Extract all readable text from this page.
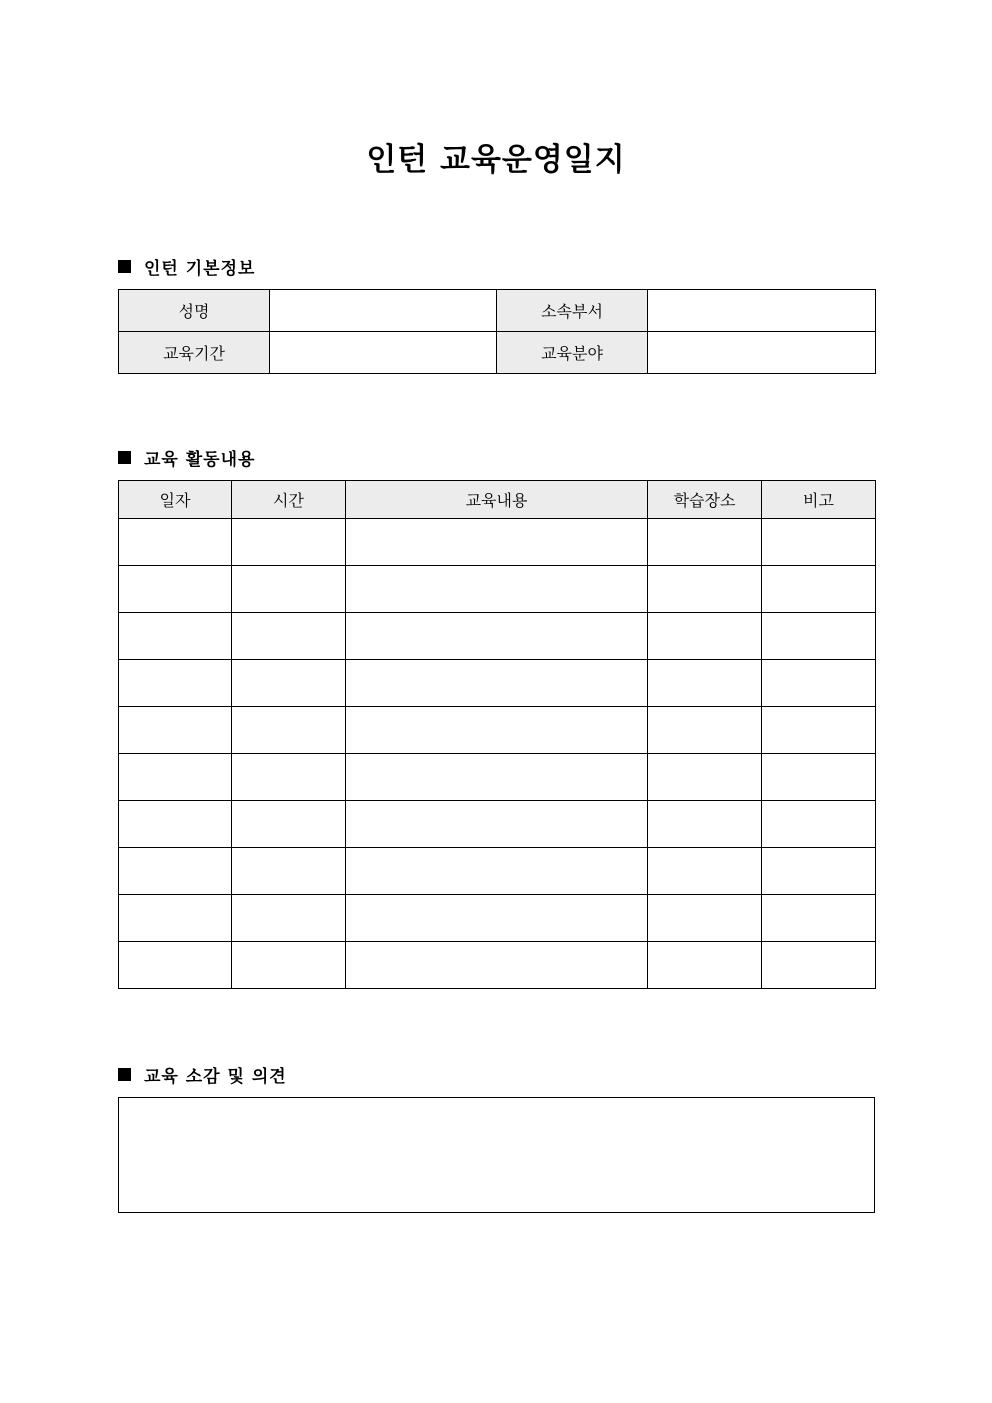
인턴 교육운영일지
인턴 기본정보
성명		소속부서	
교육기간		교육분야	
교육 활동내용
일자	시간	교육내용	학습장소	비고

교육 소감 및 의견
